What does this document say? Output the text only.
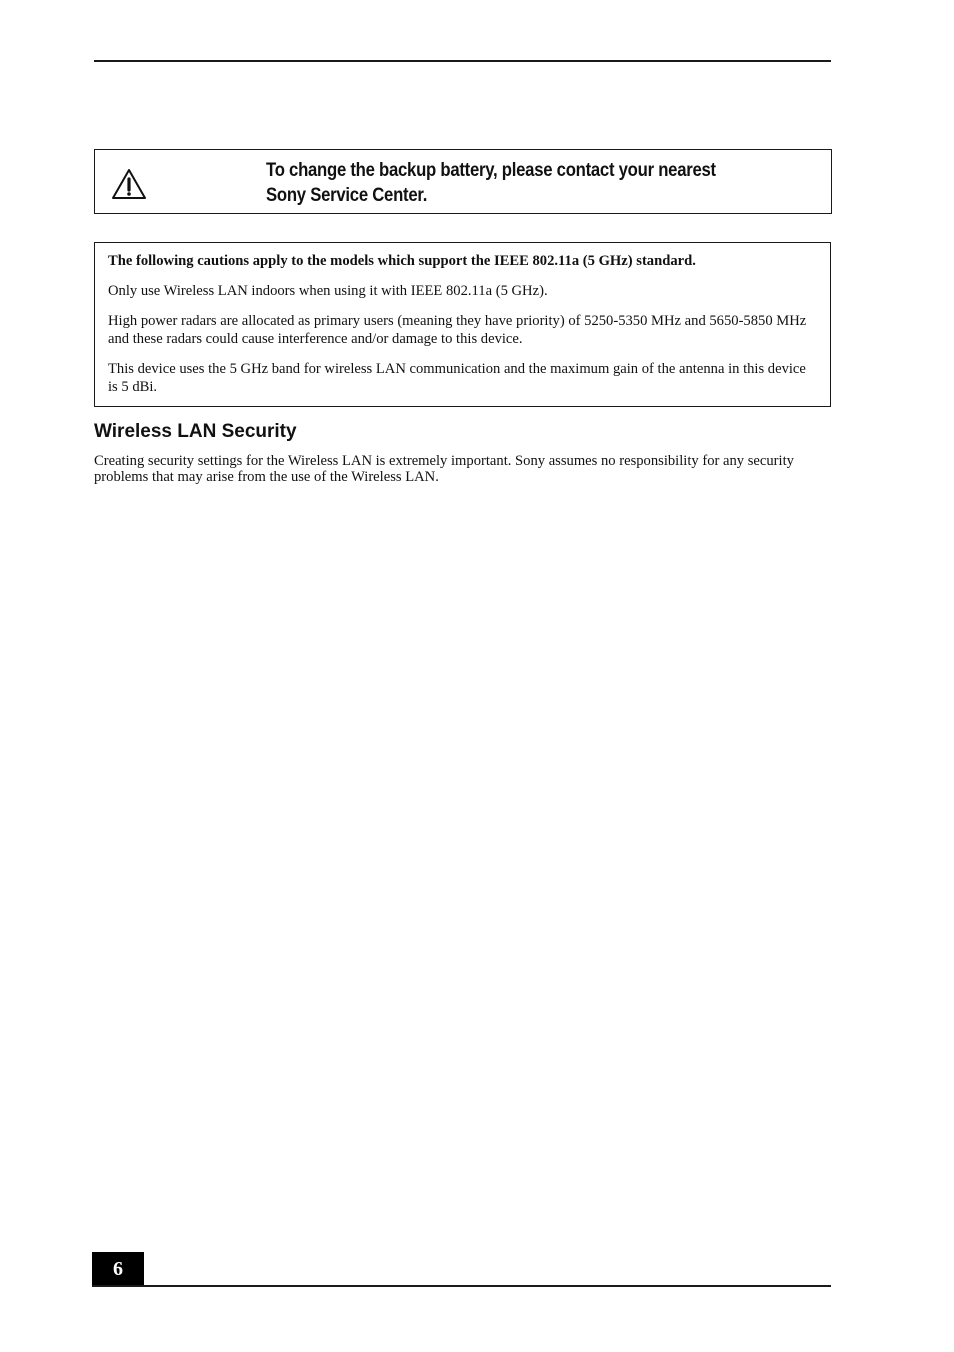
To change the backup battery, please contact your nearest Sony Service Center.

The following cautions apply to the models which support the IEEE 802.11a (5 GHz) standard.

Only use Wireless LAN indoors when using it with IEEE 802.11a (5 GHz).

High power radars are allocated as primary users (meaning they have priority) of 5250-5350 MHz and 5650-5850 MHz and these radars could cause interference and/or damage to this device.

This device uses the 5 GHz band for wireless LAN communication and the maximum gain of the antenna in this device is 5 dBi.

Wireless LAN Security
Creating security settings for the Wireless LAN is extremely important. Sony assumes no responsibility for any security problems that may arise from the use of the Wireless LAN.
6
